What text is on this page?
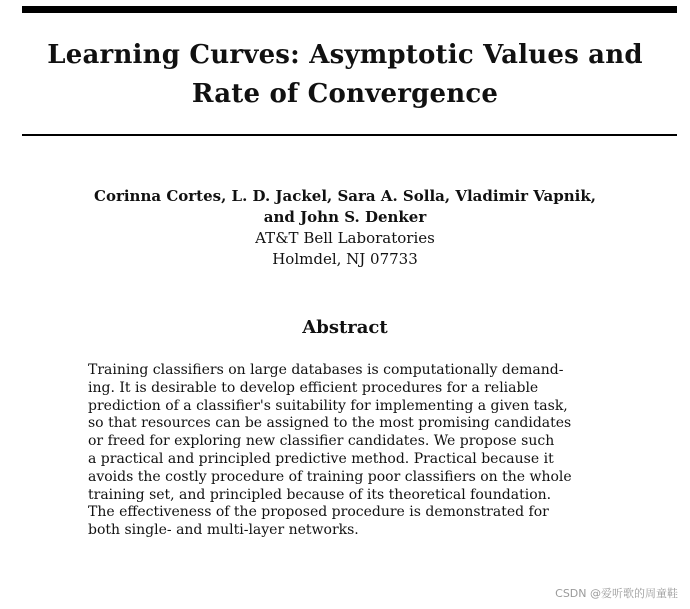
Learning Curves: Asymptotic Values and
Rate of Convergence
Corinna Cortes, L. D. Jackel, Sara A. Solla, Vladimir Vapnik,
and John S. Denker
AT&T Bell Laboratories
Holmdel, NJ 07733
Abstract
Training classifiers on large databases is computationally demand-
ing. It is desirable to develop efficient procedures for a reliable
prediction of a classifier's suitability for implementing a given task,
so that resources can be assigned to the most promising candidates
or freed for exploring new classifier candidates. We propose such
a practical and principled predictive method. Practical because it
avoids the costly procedure of training poor classifiers on the whole
training set, and principled because of its theoretical foundation.
The effectiveness of the proposed procedure is demonstrated for
both single- and multi-layer networks.
CSDN @爱听歌的周童鞋
